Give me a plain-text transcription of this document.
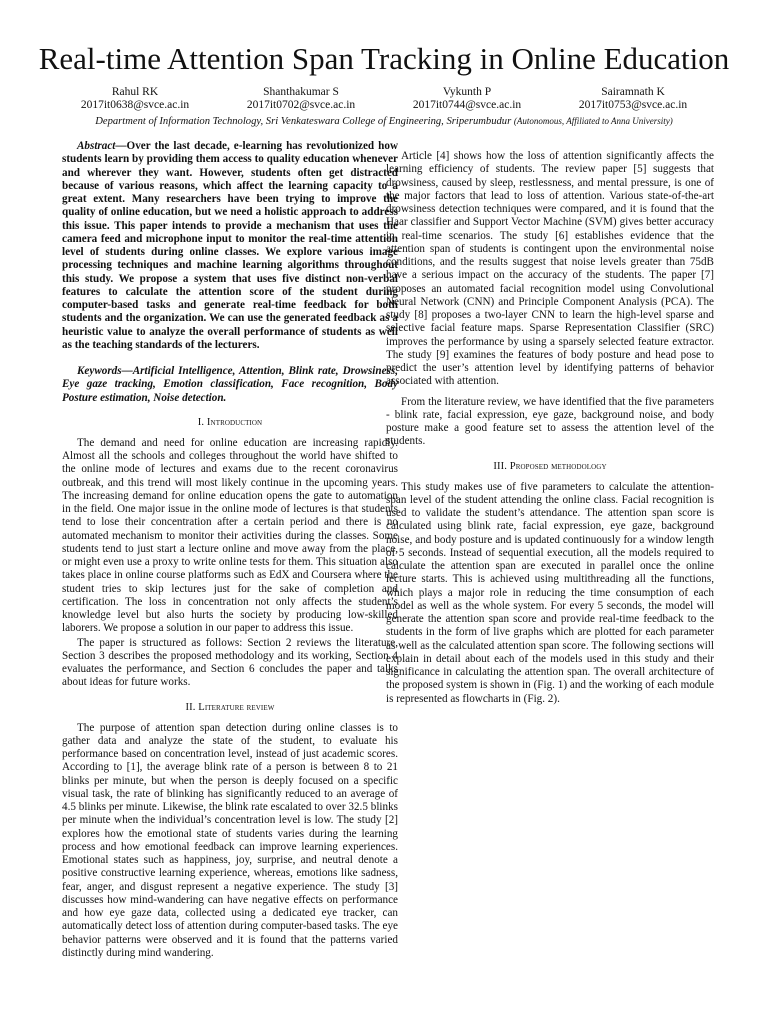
Real-time Attention Span Tracking in Online Education
Rahul RK
2017it0638@svce.ac.in
Shanthakumar S
2017it0702@svce.ac.in
Vykunth P
2017it0744@svce.ac.in
Sairamnath K
2017it0753@svce.ac.in
Department of Information Technology, Sri Venkateswara College of Engineering, Sriperumbudur (Autonomous, Affiliated to Anna University)

Abstract—Over the last decade, e-learning has revolutionized how students learn by providing them access to quality education whenever and wherever they want. However, students often get distracted because of various reasons, which affect the learning capacity to a great extent. Many researchers have been trying to improve the quality of online education, but we need a holistic approach to address this issue. This paper intends to provide a mechanism that uses the camera feed and microphone input to monitor the real-time attention level of students during online classes. We explore various image processing techniques and machine learning algorithms throughout this study. We propose a system that uses five distinct non-verbal features to calculate the attention score of the student during computer-based tasks and generate real-time feedback for both students and the organization. We can use the generated feedback as a heuristic value to analyze the overall performance of students as well as the teaching standards of the lecturers.

Keywords—Artificial Intelligence, Attention, Blink rate, Drowsiness, Eye gaze tracking, Emotion classification, Face recognition, Body Posture estimation, Noise detection.

I. Introduction

The demand and need for online education are increasing rapidly. Almost all the schools and colleges throughout the world have shifted to the online mode of lectures and exams due to the recent coronavirus outbreak, and this trend will most likely continue in the upcoming years. The increasing demand for online education opens the gate to automation in the field. One major issue in the online mode of lectures is that students tend to lose their concentration after a certain period and there is no automated mechanism to monitor their activities during the classes. Some students tend to just start a lecture online and move away from the place, or might even use a proxy to write online tests for them. This situation also takes place in online course platforms such as EdX and Coursera where the student tries to skip lectures just for the sake of completion and certification. The loss in concentration not only affects the student’s knowledge level but also hurts the society by producing low-skilled laborers. We propose a solution in our paper to address this issue.

The paper is structured as follows: Section 2 reviews the literature, Section 3 describes the proposed methodology and its working, Section 4 evaluates the performance, and Section 6 concludes the paper and talks about ideas for future works.

II. Literature review

The purpose of attention span detection during online classes is to gather data and analyze the state of the student, to evaluate his performance based on concentration level, instead of just academic scores. According to [1], the average blink rate of a person is between 8 to 21 blinks per minute, but when the person is deeply focused on a specific visual task, the rate of blinking has significantly reduced to an average of 4.5 blinks per minute. Likewise, the blink rate escalated to over 32.5 blinks per minute when the individual’s concentration level is low. The study [2] explores how the emotional state of students varies during the learning process and how emotional feedback can improve learning experiences. Emotional states such as happiness, joy, surprise, and neutral denote a positive constructive learning experience, whereas, emotions like sadness, fear, anger, and disgust represent a negative experience. The study [3] discusses how mind-wandering can have negative effects on performance and how eye gaze data, collected using a dedicated eye tracker, can automatically detect loss of attention during computer-based tasks. The eye behavior patterns were observed and it is found that the patterns varied distinctly during mind wandering.

Article [4] shows how the loss of attention significantly affects the learning efficiency of students. The review paper [5] suggests that drowsiness, caused by sleep, restlessness, and mental pressure, is one of the major factors that lead to loss of attention. Various state-of-the-art drowsiness detection techniques were compared, and it is found that the Haar classifier and Support Vector Machine (SVM) gives better accuracy in real-time scenarios. The study [6] establishes evidence that the attention span of students is contingent upon the environmental noise conditions, and the results suggest that noise levels greater than 75dB have a serious impact on the accuracy of the students. The paper [7] proposes an automated facial recognition model using Convolutional Neural Network (CNN) and Principle Component Analysis (PCA). The study [8] proposes a two-layer CNN to learn the high-level sparse and selective facial feature maps. Sparse Representation Classifier (SRC) improves the performance by using a sparsely selected feature extractor. The study [9] examines the features of body posture and head pose to predict the user’s attention level by identifying patterns of behavior associated with attention.

From the literature review, we have identified that the five parameters - blink rate, facial expression, eye gaze, background noise, and body posture make a good feature set to assess the attention level of the students.

III. Proposed methodology

This study makes use of five parameters to calculate the attention-span level of the student attending the online class. Facial recognition is used to validate the student’s attendance. The attention span score is calculated using blink rate, facial expression, eye gaze, background noise, and body posture and is updated continuously for a window length of 5 seconds. Instead of sequential execution, all the models required to calculate the attention span are executed in parallel once the online lecture starts. This is achieved using multithreading all the functions, which plays a major role in reducing the time consumption of each model as well as the whole system. For every 5 seconds, the model will generate the attention span score and provide real-time feedback to the students in the form of live graphs which are plotted for each parameter as well as the calculated attention span score. The following sections will explain in detail about each of the models used in this study and their significance in calculating the attention span. The overall architecture of the proposed system is shown in (Fig. 1) and the working of each module is represented as flowcharts in (Fig. 2).
